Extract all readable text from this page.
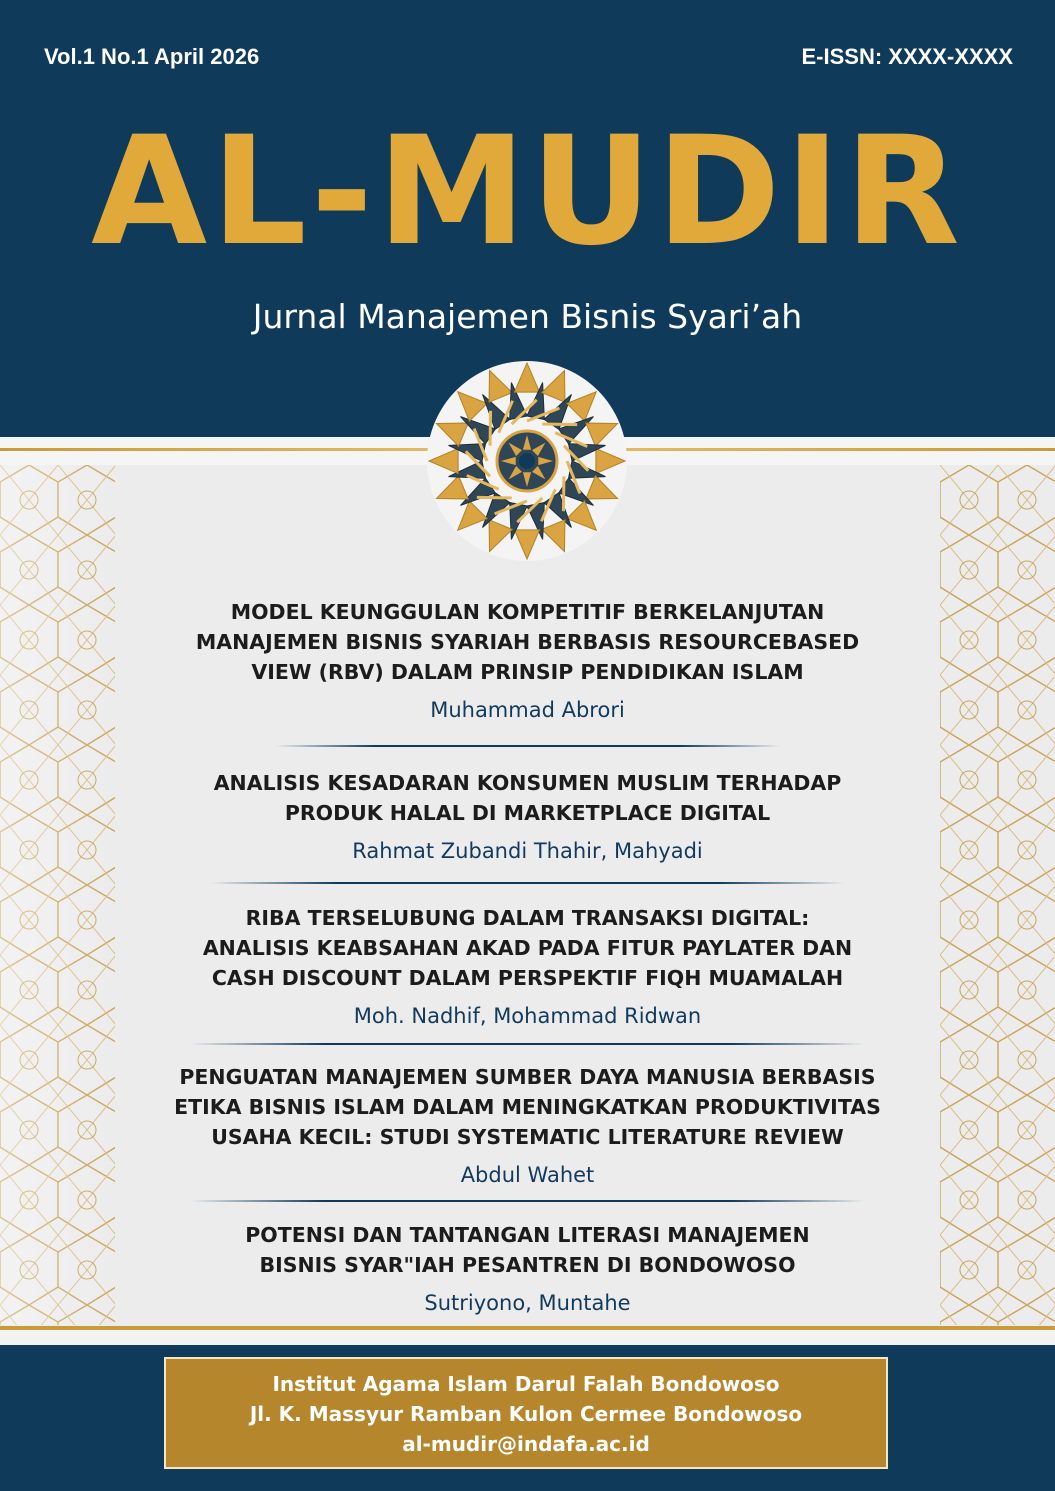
Vol.1 No.1 April 2026	E-ISSN: XXXX-XXXX
AL-MUDIR
Jurnal Manajemen Bisnis Syari’ah
MODEL KEUNGGULAN KOMPETITIF BERKELANJUTAN
MANAJEMEN BISNIS SYARIAH BERBASIS RESOURCEBASED
VIEW (RBV) DALAM PRINSIP PENDIDIKAN ISLAM
Muhammad Abrori
ANALISIS KESADARAN KONSUMEN MUSLIM TERHADAP
PRODUK HALAL DI MARKETPLACE DIGITAL
Rahmat Zubandi Thahir, Mahyadi
RIBA TERSELUBUNG DALAM TRANSAKSI DIGITAL:
ANALISIS KEABSAHAN AKAD PADA FITUR PAYLATER DAN
CASH DISCOUNT DALAM PERSPEKTIF FIQH MUAMALAH
Moh. Nadhif, Mohammad Ridwan
PENGUATAN MANAJEMEN SUMBER DAYA MANUSIA BERBASIS
ETIKA BISNIS ISLAM DALAM MENINGKATKAN PRODUKTIVITAS
USAHA KECIL: STUDI SYSTEMATIC LITERATURE REVIEW
Abdul Wahet
POTENSI DAN TANTANGAN LITERASI MANAJEMEN
BISNIS SYAR"IAH PESANTREN DI BONDOWOSO
Sutriyono, Muntahe
Institut Agama Islam Darul Falah Bondowoso
Jl. K. Massyur Ramban Kulon Cermee Bondowoso
al-mudir@indafa.ac.id
